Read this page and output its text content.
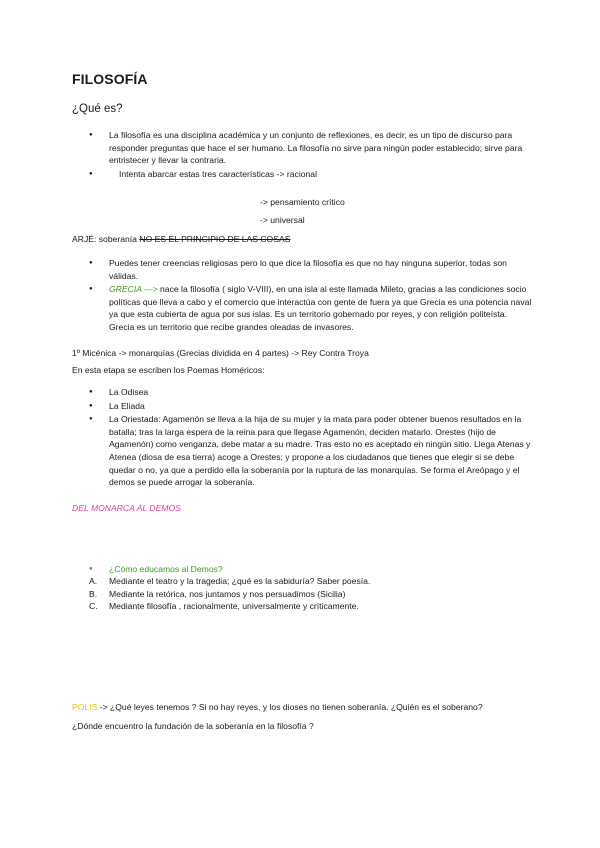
FILOSOFÍA
¿Qué es?
● La filosofía es una disciplina académica y un conjunto de reflexiones, es decir, es un tipo de discurso para responder preguntas que hace el ser humano. La filosofía no sirve para ningún poder establecido; sirve para entristecer y llevar la contraria.
● Intenta abarcar estas tres características -> racional
-> pensamiento crítico
-> universal
ARJÉ: soberanía NO ES EL PRINCIPIO DE LAS COSAS
● Puedes tener creencias religiosas pero lo que dice la filosofía es que no hay ninguna superior, todas son válidas.
● GRECIA ---> nace la filosofía ( siglo V-VIII), en una isla al este llamada Mileto, gracias a las condiciones socio políticas que lleva a cabo y el comercio que interactúa con gente de fuera ya que Grecia es una potencia naval ya que esta cubierta de agua por sus islas. Es un territorio gobernado por reyes, y con religión politeísta. Grecia es un territorio que recibe grandes oleadas de invasores.
1º Micénica -> monarquías (Grecias dividida en 4 partes) -> Rey Contra Troya
En esta etapa se escriben los Poemas Homéricos:
● La Odisea
● La Eliada
● La Oriestada: Agamenón se lleva a la hija de su mujer y la mata para poder obtener buenos resultados en la batalla; tras la larga espera de la reina para que llegase Agamenón, deciden matarlo. Orestes (hijo de Agamenón) como venganza, debe matar a su madre. Tras esto no es aceptado en ningún sitio. Llega Atenas y Atenea (diosa de esa tierra) acoge a Orestes; y propone a los ciudadanos que tienes que elegir si se debe quedar o no, ya que a perdido ella la soberanía por la ruptura de las monarquías. Se forma el Areópago y el demos se puede arrogar la soberanía.
DEL MONARCA AL DEMOS
● ¿Cómo educamos al Demos?
A. Mediante el teatro y la tragedia; ¿qué es la sabiduría? Saber poesía.
B. Mediante la retórica, nos juntamos y nos persuadimos (Sicilia)
C. Mediante filosofía , racionalmente, universalmente y críticamente.
POLIS -> ¿Qué leyes tenemos ? Si no hay reyes, y los dioses no tienen soberanía. ¿Quién es el soberano?
¿Dónde encuentro la fundación de la soberanía en la filosofía ?
